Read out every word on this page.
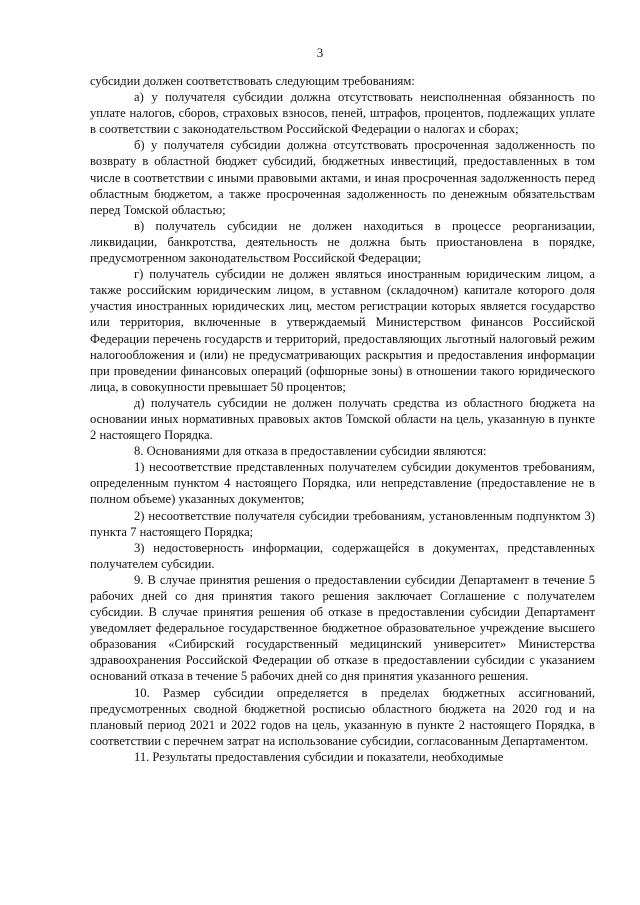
3

субсидии должен соответствовать следующим требованиям:

а) у получателя субсидии должна отсутствовать неисполненная обязанность по уплате налогов, сборов, страховых взносов, пеней, штрафов, процентов, подлежащих уплате в соответствии с законодательством Российской Федерации о налогах и сборах;

б) у получателя субсидии должна отсутствовать просроченная задолженность по возврату в областной бюджет субсидий, бюджетных инвестиций, предоставленных в том числе в соответствии с иными правовыми актами, и иная просроченная задолженность перед областным бюджетом, а также просроченная задолженность по денежным обязательствам перед Томской областью;

в) получатель субсидии не должен находиться в процессе реорганизации, ликвидации, банкротства, деятельность не должна быть приостановлена в порядке, предусмотренном законодательством Российской Федерации;

г) получатель субсидии не должен являться иностранным юридическим лицом, а также российским юридическим лицом, в уставном (складочном) капитале которого доля участия иностранных юридических лиц, местом регистрации которых является государство или территория, включенные в утверждаемый Министерством финансов Российской Федерации перечень государств и территорий, предоставляющих льготный налоговый режим налогообложения и (или) не предусматривающих раскрытия и предоставления информации при проведении финансовых операций (офшорные зоны) в отношении такого юридического лица, в совокупности превышает 50 процентов;

д) получатель субсидии не должен получать средства из областного бюджета на основании иных нормативных правовых актов Томской области на цель, указанную в пункте 2 настоящего Порядка.

8. Основаниями для отказа в предоставлении субсидии являются:

1) несоответствие представленных получателем субсидии документов требованиям, определенным пунктом 4 настоящего Порядка, или непредставление (предоставление не в полном объеме) указанных документов;

2) несоответствие получателя субсидии требованиям, установленным подпунктом 3) пункта 7 настоящего Порядка;

3) недостоверность информации, содержащейся в документах, представленных получателем субсидии.

9. В случае принятия решения о предоставлении субсидии Департамент в течение 5 рабочих дней со дня принятия такого решения заключает Соглашение с получателем субсидии. В случае принятия решения об отказе в предоставлении субсидии Департамент уведомляет федеральное государственное бюджетное образовательное учреждение высшего образования «Сибирский государственный медицинский университет» Министерства здравоохранения Российской Федерации об отказе в предоставлении субсидии с указанием оснований отказа в течение 5 рабочих дней со дня принятия указанного решения.

10. Размер субсидии определяется в пределах бюджетных ассигнований, предусмотренных сводной бюджетной росписью областного бюджета на 2020 год и на плановый период 2021 и 2022 годов на цель, указанную в пункте 2 настоящего Порядка, в соответствии с перечнем затрат на использование субсидии, согласованным Департаментом.

11. Результаты предоставления субсидии и показатели, необходимые
